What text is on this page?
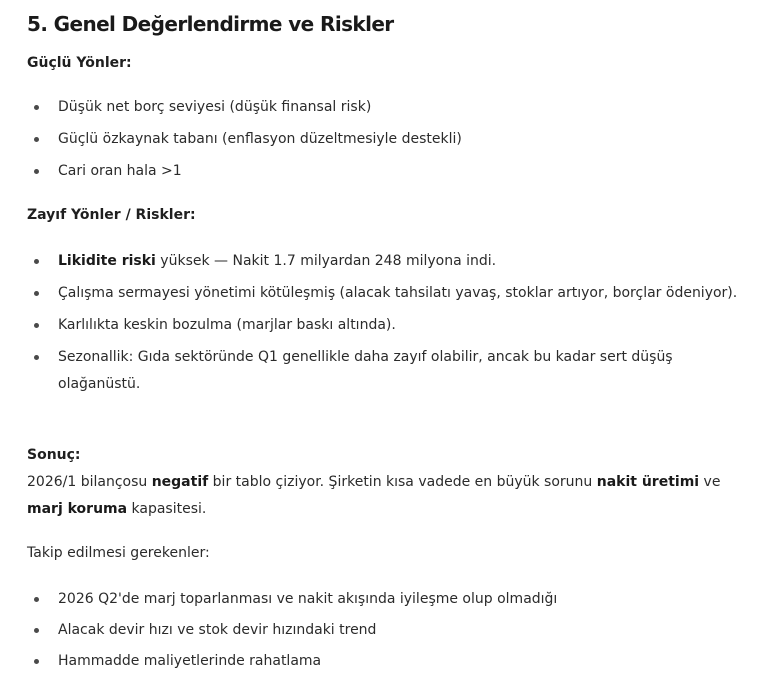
5. Genel Değerlendirme ve Riskler
Güçlü Yönler:
Düşük net borç seviyesi (düşük finansal risk)
Güçlü özkaynak tabanı (enflasyon düzeltmesiyle destekli)
Cari oran hala >1
Zayıf Yönler / Riskler:
Likidite riski yüksek — Nakit 1.7 milyardan 248 milyona indi.
Çalışma sermayesi yönetimi kötüleşmiş (alacak tahsilatı yavaş, stoklar artıyor, borçlar ödeniyor).
Karlılıkta keskin bozulma (marjlar baskı altında).
Sezonallik: Gıda sektöründe Q1 genellikle daha zayıf olabilir, ancak bu kadar sert düşüş olağanüstü.
Sonuç:
2026/1 bilançosu negatif bir tablo çiziyor. Şirketin kısa vadede en büyük sorunu nakit üretimi ve marj koruma kapasitesi.
Takip edilmesi gerekenler:
2026 Q2'de marj toparlanması ve nakit akışında iyileşme olup olmadığı
Alacak devir hızı ve stok devir hızındaki trend
Hammadde maliyetlerinde rahatlama
